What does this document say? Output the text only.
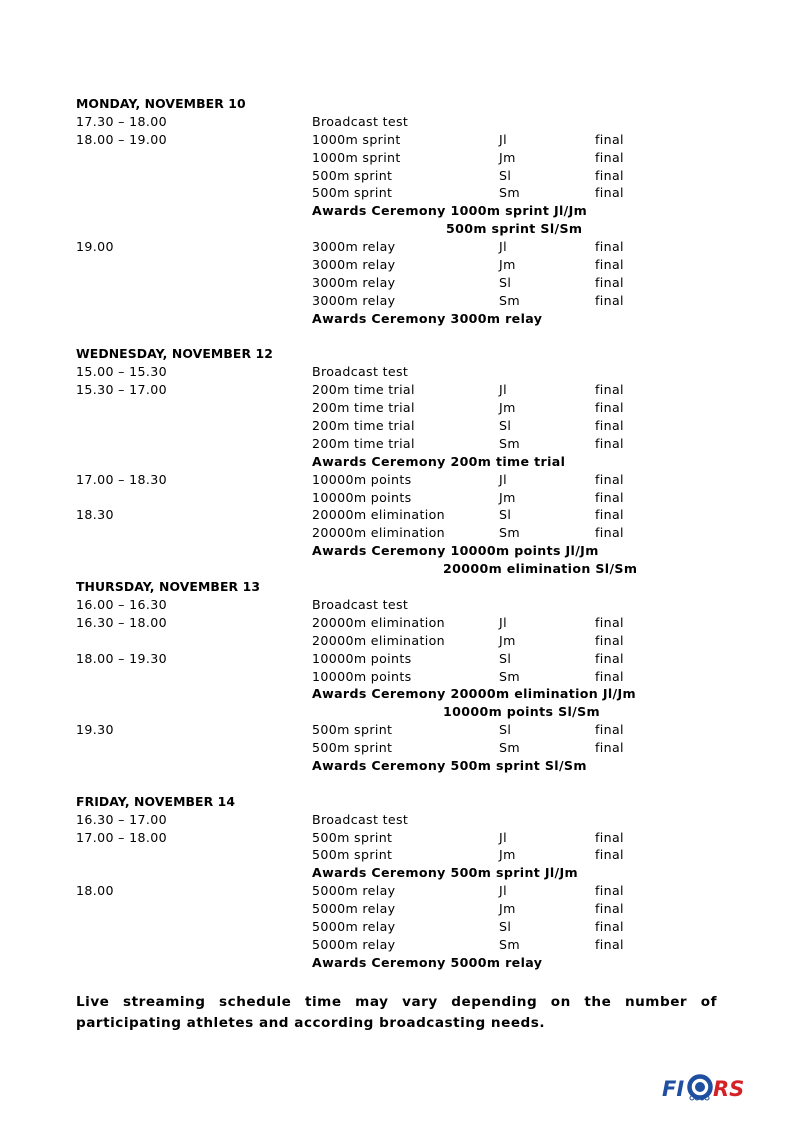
MONDAY, NOVEMBER 10
17.30 – 18.00	Broadcast test
18.00 – 19.00	1000m sprint	Jl	final
1000m sprint	Jm	final
500m sprint	Sl	final
500m sprint	Sm	final
Awards Ceremony 1000m sprint Jl/Jm
500m sprint Sl/Sm
19.00	3000m relay	Jl	final
3000m relay	Jm	final
3000m relay	Sl	final
3000m relay	Sm	final
Awards Ceremony 3000m relay
WEDNESDAY, NOVEMBER 12
15.00 – 15.30	Broadcast test
15.30 – 17.00	200m time trial	Jl	final
200m time trial	Jm	final
200m time trial	Sl	final
200m time trial	Sm	final
Awards Ceremony 200m time trial
17.00 – 18.30	10000m points	Jl	final
10000m points	Jm	final
18.30	20000m elimination	Sl	final
20000m elimination	Sm	final
Awards Ceremony 10000m points Jl/Jm
20000m elimination Sl/Sm
THURSDAY, NOVEMBER 13
16.00 – 16.30	Broadcast test
16.30 – 18.00	20000m elimination	Jl	final
20000m elimination	Jm	final
18.00 – 19.30	10000m points	Sl	final
10000m points	Sm	final
Awards Ceremony 20000m elimination Jl/Jm
10000m points Sl/Sm
19.30	500m sprint	Sl	final
500m sprint	Sm	final
Awards Ceremony 500m sprint Sl/Sm
FRIDAY, NOVEMBER 14
16.30 – 17.00	Broadcast test
17.00 – 18.00	500m sprint	Jl	final
500m sprint	Jm	final
Awards Ceremony 500m sprint Jl/Jm
18.00	5000m relay	Jl	final
5000m relay	Jm	final
5000m relay	Sl	final
5000m relay	Sm	final
Awards Ceremony 5000m relay

Live streaming schedule time may vary depending on the number of participating athletes and according broadcasting needs.

FI RS
